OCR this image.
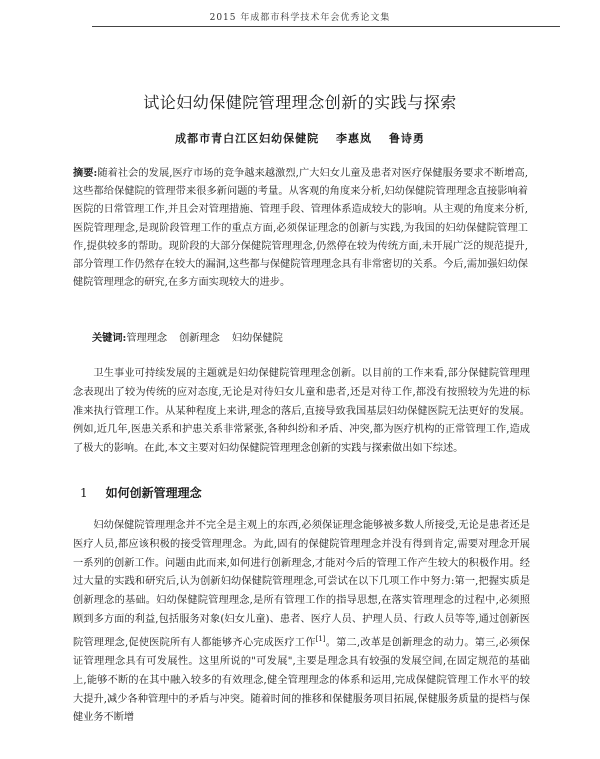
2015 年成都市科学技术年会优秀论文集
试论妇幼保健院管理理念创新的实践与探索
成都市青白江区妇幼保健院 李惠岚 鲁诗勇

摘要:随着社会的发展,医疗市场的竞争越来越激烈,广大妇女儿童及患者对医疗保健服务要求不断增高,这些都给保健院的管理带来很多新问题的考量。从客观的角度来分析,妇幼保健院管理理念直接影响着医院的日常管理工作,并且会对管理措施、管理手段、管理体系造成较大的影响。从主观的角度来分析,医院管理理念,是现阶段管理工作的重点方面,必须保证理念的创新与实践,为我国的妇幼保健院管理工作,提供较多的帮助。现阶段的大部分保健院管理理念,仍然停在较为传统方面,未开展广泛的规范提升,部分管理工作仍然存在较大的漏洞,这些都与保健院管理理念具有非常密切的关系。今后,需加强妇幼保健院管理理念的研究,在多方面实现较大的进步。

关键词:管理理念 创新理念 妇幼保健院

卫生事业可持续发展的主题就是妇幼保健院管理理念创新。以目前的工作来看,部分保健院管理理念表现出了较为传统的应对态度,无论是对待妇女儿童和患者,还是对待工作,都没有按照较为先进的标准来执行管理工作。从某种程度上来讲,理念的落后,直接导致我国基层妇幼保健医院无法更好的发展。例如,近几年,医患关系和护患关系非常紧张,各种纠纷和矛盾、冲突,都为医疗机构的正常管理工作,造成了极大的影响。在此,本文主要对妇幼保健院管理理念创新的实践与探索做出如下综述。

1 如何创新管理理念

妇幼保健院管理理念并不完全是主观上的东西,必须保证理念能够被多数人所接受,无论是患者还是医疗人员,都应该积极的接受管理理念。为此,固有的保健院管理理念并没有得到肯定,需要对理念开展一系列的创新工作。问题由此而来,如何进行创新理念,才能对今后的管理工作产生较大的积极作用。经过大量的实践和研究后,认为创新妇幼保健院管理理念,可尝试在以下几项工作中努力:第一,把握实质是创新理念的基础。妇幼保健院管理理念,是所有管理工作的指导思想,在落实管理理念的过程中,必须照顾到多方面的利益,包括服务对象(妇女儿童)、患者、医疗人员、护理人员、行政人员等等,通过创新医院管理理念,促使医院所有人都能够齐心完成医疗工作[1]。第二,改革是创新理念的动力。第三,必须保证管理理念具有可发展性。这里所说的"可发展",主要是理念具有较强的发展空间,在固定规范的基础上,能够不断的在其中融入较多的有效理念,健全管理理念的体系和运用,完成保健院管理工作水平的较大提升,减少各种管理中的矛盾与冲突。随着时间的推移和保健服务项目拓展,保健服务质量的提档与保健业务不断增
